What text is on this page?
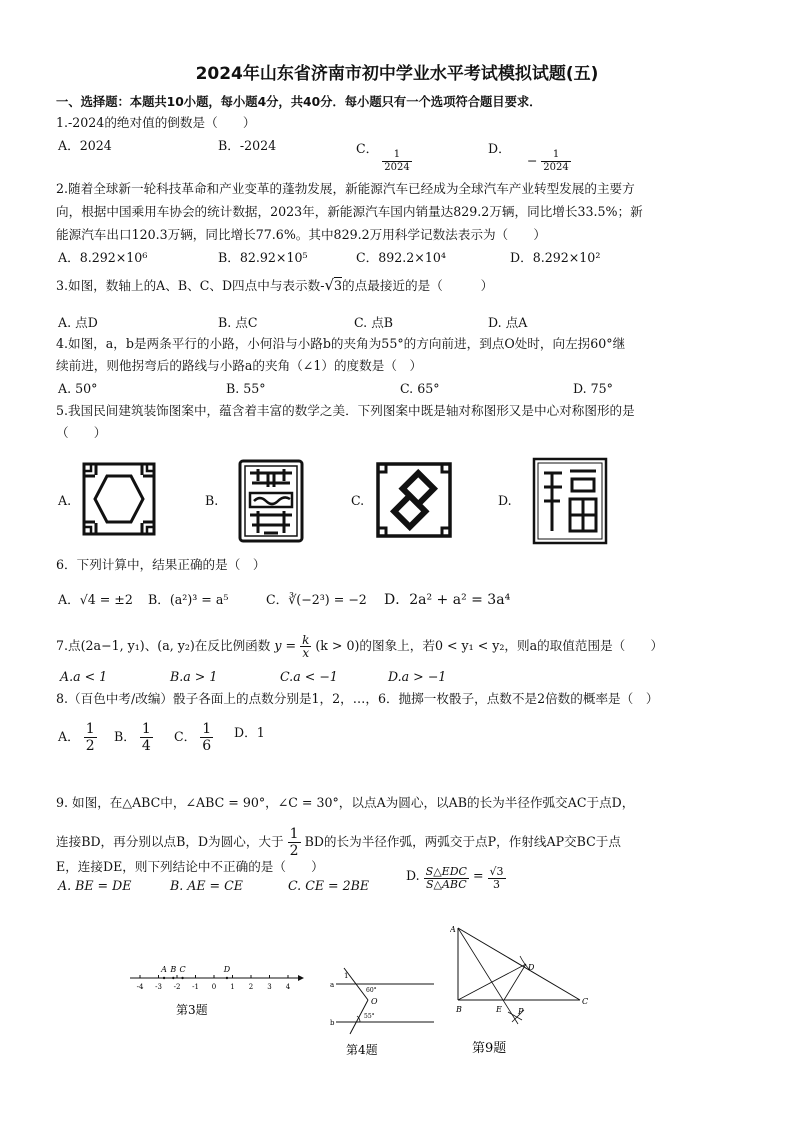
2024年山东省济南市初中学业水平考试模拟试题(五)
一、选择题：本题共10小题，每小题4分，共40分．每小题只有一个选项符合题目要求．
1.-2024的绝对值的倒数是（　　）
A．2024	B．-2024	C．
$\frac{1}{2024}$
D． − $\frac{1}{2024}$
2.随着全球新一轮科技革命和产业变革的蓬勃发展，新能源汽车已经成为全球汽车产业转型发展的主要方
向，根据中国乘用车协会的统计数据，2023年，新能源汽车国内销量达829.2万辆，同比增长33.5%；新
能源汽车出口120.3万辆，同比增长77.6%。其中829.2万用科学记数法表示为（　　）
A．8.292×10⁶	B．82.92×10⁵	C．892.2×10⁴	D．8.292×10²
3.如图，数轴上的A、B、C、D四点中与表示数-√3的点最接近的是（　　　）
A. 点D	B. 点C	C. 点B	D. 点A
4.如图，a，b是两条平行的小路，小何沿与小路b的夹角为55°的方向前进，到点O处时，向左拐60°继
续前进，则他拐弯后的路线与小路a的夹角（∠1）的度数是（　）
A. 50°	B. 55°	C. 65°	D. 75°
5.我国民间建筑装饰图案中，蕴含着丰富的数学之美．下列图案中既是轴对称图形又是中心对称图形的是
（　　）
A.	B.	C.	D.
6．下列计算中，结果正确的是（　）
A．√4 = ±2 B．(a²)³ = a⁵	C．∛(−2³) = −2 D．2a² + a² = 3a⁴
7.点(2a−1, y₁)、(a, y₂)在反比例函数 $y = \frac{k}{x} (k > 0)$的图象上，若0 < y₁ < y₂，则a的取值范围是（　　）
A.a < 1	B.a > 1	C.a < −1	D.a > −1
8.（百色中考/改编）骰子各面上的点数分别是1，2，…，6．抛掷一枚骰子，点数不是2倍数的概率是（　）
A． $\frac{1}{2}$ B． $\frac{1}{4}$ C． $\frac{1}{6}$ D．1
9. 如图，在△ABC中，∠ABC = 90°，∠C = 30°，以点A为圆心，以AB的长为半径作弧交AC于点D，
连接BD，再分别以点B，D为圆心，大于 $\frac{1}{2}$ BD的长为半径作弧，两弧交于点P，作射线AP交BC于点
E，连接DE，则下列结论中不正确的是（　　）
A. BE = DE	B. AE = CE	C. CE = 2BE
D. $\frac{\text{S△EDC}}{\text{S△ABC}} = \frac{√3}{3}$
-4 -3 -2 -1 0 1 2 3 4
A B C	D
第3题
a
b
1
O
60°
55°
第4题
A
B
C
D
E P
第9题
